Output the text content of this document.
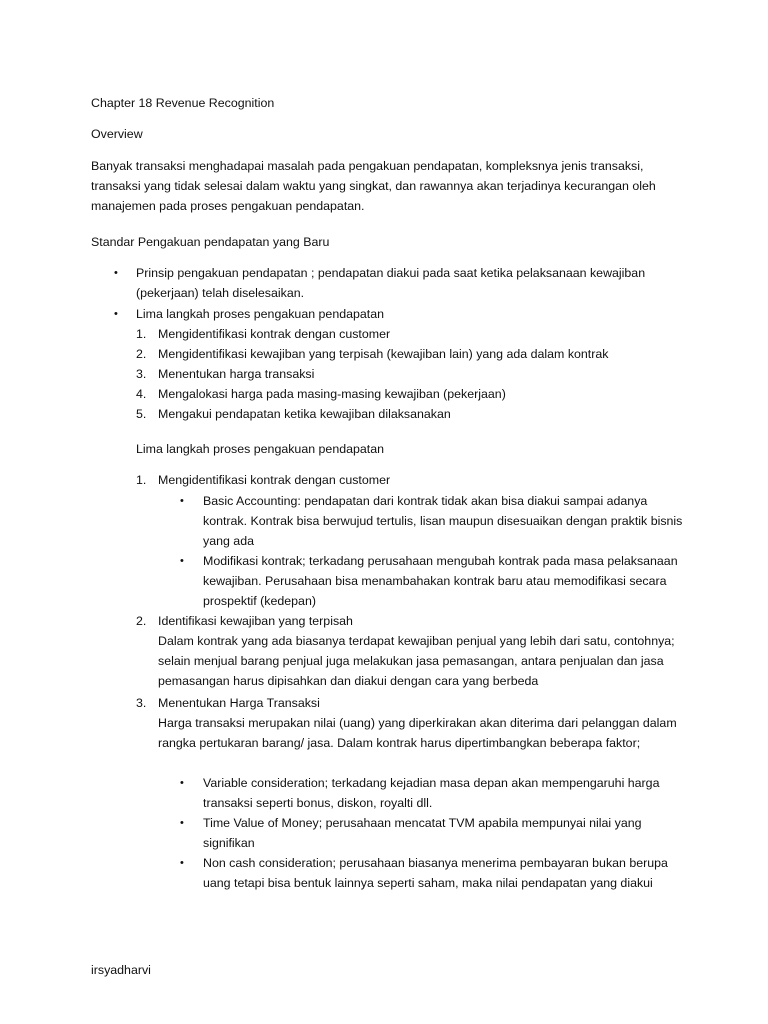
Chapter 18 Revenue Recognition

Overview

Banyak transaksi menghadapai masalah pada pengakuan pendapatan, kompleksnya jenis transaksi, transaksi yang tidak selesai dalam waktu yang singkat, dan rawannya akan terjadinya kecurangan oleh manajemen pada proses pengakuan pendapatan.

Standar Pengakuan pendapatan yang Baru

• Prinsip pengakuan pendapatan ; pendapatan diakui pada saat ketika pelaksanaan kewajiban (pekerjaan) telah diselesaikan.

• Lima langkah proses pengakuan pendapatan

1. Mengidentifikasi kontrak dengan customer

2. Mengidentifikasi kewajiban yang terpisah (kewajiban lain) yang ada dalam kontrak

3. Menentukan harga transaksi

4. Mengalokasi harga pada masing-masing kewajiban (pekerjaan)

5. Mengakui pendapatan ketika kewajiban dilaksanakan

Lima langkah proses pengakuan pendapatan

1. Mengidentifikasi kontrak dengan customer

• Basic Accounting: pendapatan dari kontrak tidak akan bisa diakui sampai adanya kontrak. Kontrak bisa berwujud tertulis, lisan maupun disesuaikan dengan praktik bisnis yang ada

• Modifikasi kontrak; terkadang perusahaan mengubah kontrak pada masa pelaksanaan kewajiban. Perusahaan bisa menambahakan kontrak baru atau memodifikasi secara prospektif (kedepan)

2. Identifikasi kewajiban yang terpisah

Dalam kontrak yang ada biasanya terdapat kewajiban penjual yang lebih dari satu, contohnya; selain menjual barang penjual juga melakukan jasa pemasangan, antara penjualan dan jasa pemasangan harus dipisahkan dan diakui dengan cara yang berbeda

3. Menentukan Harga Transaksi

Harga transaksi merupakan nilai (uang) yang diperkirakan akan diterima dari pelanggan dalam rangka pertukaran barang/ jasa. Dalam kontrak harus dipertimbangkan beberapa faktor;

• Variable consideration; terkadang kejadian masa depan akan mempengaruhi harga transaksi seperti bonus, diskon, royalti dll.

• Time Value of Money; perusahaan mencatat TVM apabila mempunyai nilai yang signifikan

• Non cash consideration; perusahaan biasanya menerima pembayaran bukan berupa uang tetapi bisa bentuk lainnya seperti saham, maka nilai pendapatan yang diakui

irsyadharvi
